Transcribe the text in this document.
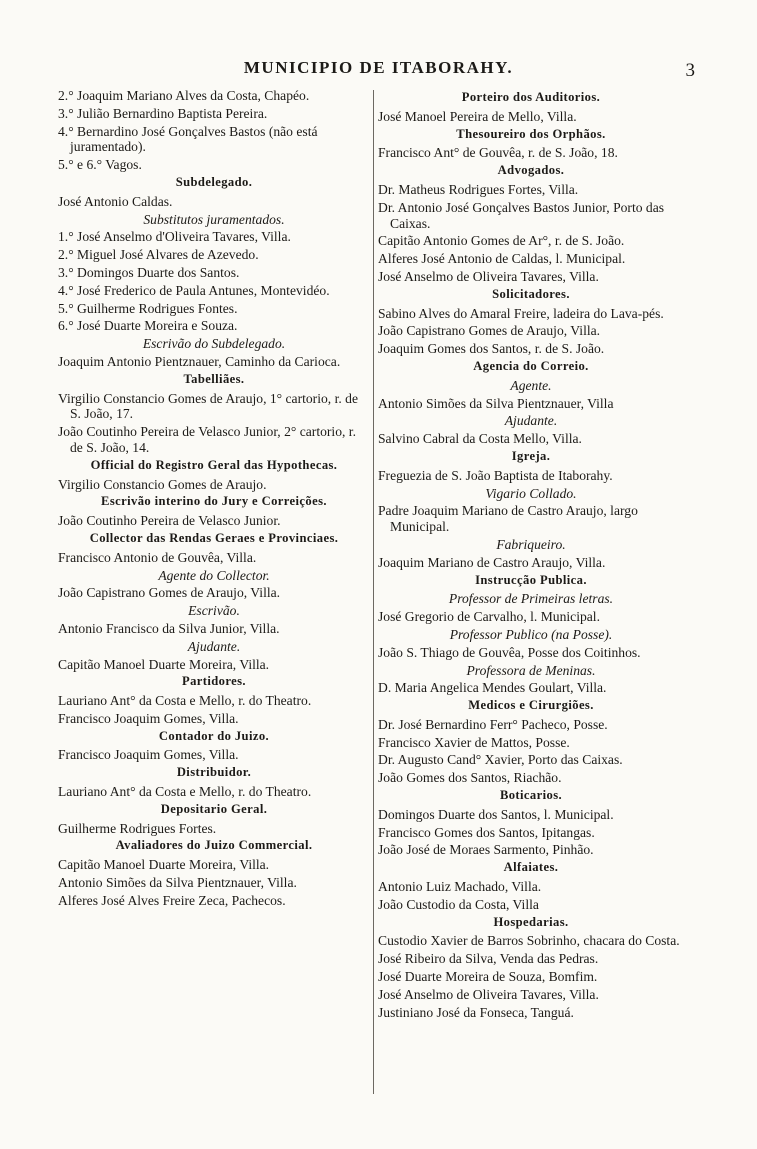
MUNICIPIO DE ITABORAHY.	3
2.° Joaquim Mariano Alves da Costa, Chapéo.
3.° Julião Bernardino Baptista Pereira.
4.° Bernardino José Gonçalves Bastos (não está juramentado).
5.° e 6.° Vagos.
Subdelegado.
José Antonio Caldas.
Substitutos juramentados.
1.° José Anselmo d'Oliveira Tavares, Villa.
2.° Miguel José Alvares de Azevedo.
3.° Domingos Duarte dos Santos.
4.° José Frederico de Paula Antunes, Montevidéo.
5.° Guilherme Rodrigues Fontes.
6.° José Duarte Moreira e Souza.
Escrivão do Subdelegado.
Joaquim Antonio Pientznauer, Caminho da Carioca.
Tabelliães.
Virgilio Constancio Gomes de Araujo, 1° cartorio, r. de S. João, 17.
João Coutinho Pereira de Velasco Junior, 2° cartorio, r. de S. João, 14.
Official do Registro Geral das Hypothecas.
Virgilio Constancio Gomes de Araujo.
Escrivão interino do Jury e Correições.
João Coutinho Pereira de Velasco Junior.
Collector das Rendas Geraes e Provinciaes.
Francisco Antonio de Gouvêa, Villa.
Agente do Collector.
João Capistrano Gomes de Araujo, Villa.
Escrivão.
Antonio Francisco da Silva Junior, Villa.
Ajudante.
Capitão Manoel Duarte Moreira, Villa.
Partidores.
Lauriano Ant° da Costa e Mello, r. do Theatro.
Francisco Joaquim Gomes, Villa.
Contador do Juizo.
Francisco Joaquim Gomes, Villa.
Distribuidor.
Lauriano Ant° da Costa e Mello, r. do Theatro.
Depositario Geral.
Guilherme Rodrigues Fortes.
Avaliadores do Juizo Commercial.
Capitão Manoel Duarte Moreira, Villa.
Antonio Simões da Silva Pientznauer, Villa.
Alferes José Alves Freire Zeca, Pachecos.
Porteiro dos Auditorios.
José Manoel Pereira de Mello, Villa.
Thesoureiro dos Orphãos.
Francisco Ant° de Gouvêa, r. de S. João, 18.
Advogados.
Dr. Matheus Rodrigues Fortes, Villa.
Dr. Antonio José Gonçalves Bastos Junior, Porto das Caixas.
Capitão Antonio Gomes de Ar°, r. de S. João.
Alferes José Antonio de Caldas, l. Municipal.
José Anselmo de Oliveira Tavares, Villa.
Solicitadores.
Sabino Alves do Amaral Freire, ladeira do Lava-pés.
João Capistrano Gomes de Araujo, Villa.
Joaquim Gomes dos Santos, r. de S. João.
Agencia do Correio.
Agente.
Antonio Simões da Silva Pientznauer, Villa
Ajudante.
Salvino Cabral da Costa Mello, Villa.
Igreja.
Freguezia de S. João Baptista de Itaborahy.
Vigario Collado.
Padre Joaquim Mariano de Castro Araujo, largo Municipal.
Fabriqueiro.
Joaquim Mariano de Castro Araujo, Villa.
Instrucção Publica.
Professor de Primeiras letras.
José Gregorio de Carvalho, l. Municipal.
Professor Publico (na Posse).
João S. Thiago de Gouvêa, Posse dos Coitinhos.
Professora de Meninas.
D. Maria Angelica Mendes Goulart, Villa.
Medicos e Cirurgiões.
Dr. José Bernardino Ferr° Pacheco, Posse.
Francisco Xavier de Mattos, Posse.
Dr. Augusto Cand° Xavier, Porto das Caixas.
João Gomes dos Santos, Riachão.
Boticarios.
Domingos Duarte dos Santos, l. Municipal.
Francisco Gomes dos Santos, Ipitangas.
João José de Moraes Sarmento, Pinhão.
Alfaiates.
Antonio Luiz Machado, Villa.
João Custodio da Costa, Villa
Hospedarias.
Custodio Xavier de Barros Sobrinho, chacara do Costa.
José Ribeiro da Silva, Venda das Pedras.
José Duarte Moreira de Souza, Bomfim.
José Anselmo de Oliveira Tavares, Villa.
Justiniano José da Fonseca, Tanguá.
